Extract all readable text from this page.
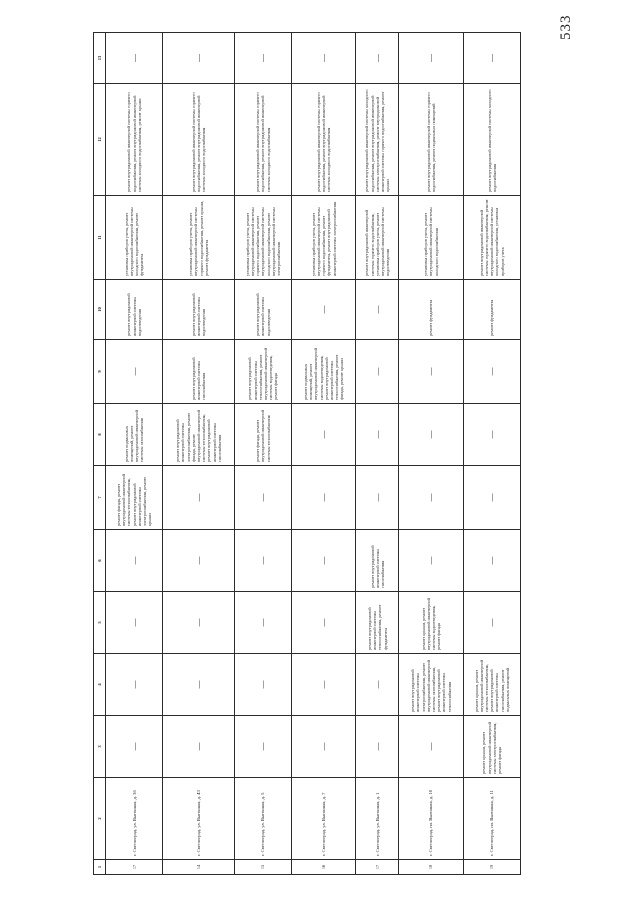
533
1	2	3	4	5	6	7	8	9	10	11	12	13
17	г. Светлоград, ул. Выгонная, д. 3б	—	—	—	—	ремонт фасада, ремонт внутридомовой инженерной системы теплоснабжения, ремонт внутридомовой инженерной системы электроснабжения, ремонт крыши	ремонт подвальных помещений, ремонт внутридомовой инженерной системы газоснабжения	—	ремонт внутридомовой инженерной системы водоотведения	установка приборов учета, ремонт внутридомовой инженерной системы холодного водоснабжения, ремонт фундамента	ремонт внутридомовой инженерной системы горячего водоснабжения, ремонт внутридомовой инженерной системы холодного водоснабжения, ремонт крыши	—
14	г. Светлоград, ул. Выгонная, д. 43	—	—	—	—	—	ремонт внутридомовой инженерной системы электроснабжения, ремонт фасада, ремонт внутридомовой инженерной системы теплоснабжения, ремонт внутридомовой инженерной системы газоснабжения	ремонт внутридомовой инженерной системы газоснабжения	ремонт внутридомовой инженерной системы водоотведения	установка приборов учета, ремонт внутридомовой инженерной системы горячего водоснабжения, ремонт крыши, ремонт фундамента	ремонт внутридомовой инженерной системы горячего водоснабжения, ремонт внутридомовой инженерной системы холодного водоснабжения	—
15	г. Светлоград, ул. Выгонная, д. 5	—	—	—	—	—	ремонт фасада, ремонт внутридомовой инженерной системы теплоснабжения	ремонт внутридомовой инженерной системы теплоснабжения, ремонт внутридомовой инженерной системы водоотведения, ремонт фасада	ремонт внутридомовой инженерной системы водоотведения	установка приборов учета, ремонт внутридомовой инженерной системы горячего водоснабжения, ремонт внутридомовой инженерной системы холодного водоснабжения, ремонт внутридомовой инженерной системы электроснабжения	ремонт внутридомовой инженерной системы горячего водоснабжения, ремонт внутридомовой инженерной системы холодного водоснабжения	—
16	г. Светлоград, ул. Выгонная, д. 7	—	—	—	—	—	—	ремонт подвальных помещений, ремонт внутридомовой инженерной системы водоотведения, ремонт внутридомовой инженерной системы теплоснабжения, ремонт фасада, ремонт крыши	—	установка приборов учета, ремонт внутридомовой инженерной системы горячего водоснабжения, ремонт фундамента, ремонт внутридомовой инженерной системы электроснабжения	ремонт внутридомовой инженерной системы горячего водоснабжения, ремонт внутридомовой инженерной системы холодного водоснабжения	—
17	г. Светлоград, ул. Выгонная, д. 1	—	—	ремонт внутридомовой инженерной системы теплоснабжения, ремонт фундамента	ремонт внутридомовой инженерной системы газоснабжения	—	—	—	—	ремонт внутридомовой инженерной системы горячего водоснабжения, установка приборов учета, ремонт внутридомовой инженерной системы водоотведения	ремонт внутридомовой инженерной системы холодного водоснабжения, ремонт внутридомовой инженерной системы электроснабжения, ремонт внутридомовой инженерной системы горячего водоснабжения, ремонт крыши	—
18	г. Светлоград, пл. Выгонная, д. 10	—	ремонт внутридомовой инженерной системы электроснабжения, ремонт внутридомовой инженерной системы газоснабжения, ремонт внутридомовой инженерной системы теплоснабжения	ремонт крыши, ремонт внутридомовой инженерной системы водоотведения, ремонт фасада	—	—	—	—	ремонт фундамента	установка приборов учета, ремонт внутридомовой инженерной системы холодного водоснабжения	ремонт внутридомовой инженерной системы горячего водоснабжения, ремонт подвальных помещений	—
19	г. Светлоград, пл. Выгонная, д. 11	ремонт крыши, ремонт внутридомовой инженерной системы электроснабжения, ремонт фасада	ремонт крыши, ремонт внутридомовой инженерной системы теплоснабжения, ремонт внутридомовой инженерной системы газоснабжения, ремонт подвальных помещений	—	—	—	—	—	ремонт фундамента	ремонт внутридомовой инженерной системы горячего водоснабжения, ремонт внутридомовой инженерной системы холодного водоснабжения, установка приборов учета	ремонт внутридомовой инженерной системы холодного водоснабжения	—
